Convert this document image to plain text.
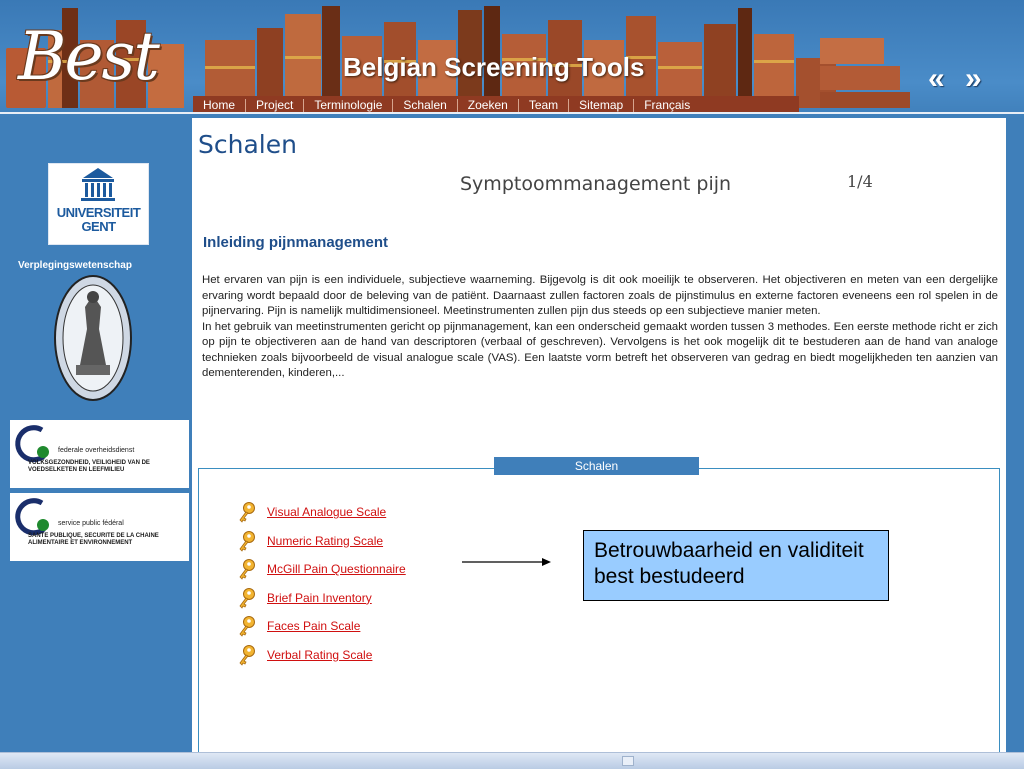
Best	Belgian Screening Tools	« »
Home	Project	Terminologie	Schalen	Zoeken	Team	Sitemap	Français
UNIVERSITEIT GENT
Verplegingswetenschap
federale overheidsdienst
VOLKSGEZONDHEID, VEILIGHEID VAN DE VOEDSELKETEN EN LEEFMILIEU
service public fédéral
SANTE PUBLIQUE, SECURITE DE LA CHAINE ALIMENTAIRE ET ENVIRONNEMENT
Schalen
Symptoommanagement pijn	1/4
Inleiding pijnmanagement

Het ervaren van pijn is een individuele, subjectieve waarneming. Bijgevolg is dit ook moeilijk te observeren. Het objectiveren en meten van een dergelijke ervaring wordt bepaald door de beleving van de patiënt. Daarnaast zullen factoren zoals de pijnstimulus en externe factoren eveneens een rol spelen in de pijnervaring. Pijn is namelijk multidimensioneel. Meetinstrumenten zullen pijn dus steeds op een subjectieve manier meten.

In het gebruik van meetinstrumenten gericht op pijnmanagement, kan een onderscheid gemaakt worden tussen 3 methodes. Een eerste methode richt er zich op pijn te objectiveren aan de hand van descriptoren (verbaal of geschreven). Vervolgens is het ook mogelijk dit te bestuderen aan de hand van analoge technieken zoals bijvoorbeeld de visual analogue scale (VAS). Een laatste vorm betreft het observeren van gedrag en biedt mogelijkheden ten aanzien van dementerenden, kinderen,...

Schalen
Visual Analogue Scale
Numeric Rating Scale
McGill Pain Questionnaire
Brief Pain Inventory
Faces Pain Scale
Verbal Rating Scale
Betrouwbaarheid en validiteit best bestudeerd
